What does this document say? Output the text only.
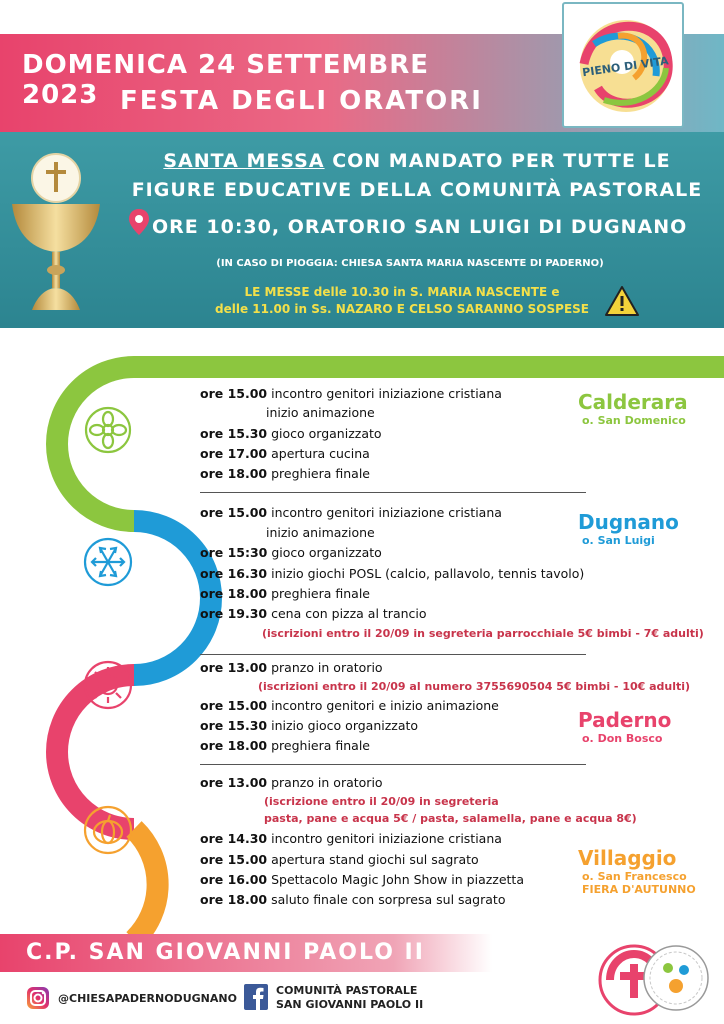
DOMENICA 24 SETTEMBRE 2023 FESTA DEGLI ORATORI
PIENO DI VITA
SANTA MESSA CON MANDATO PER TUTTE LE
FIGURE EDUCATIVE DELLA COMUNITÀ PASTORALE
ORE 10:30, ORATORIO SAN LUIGI DI DUGNANO
(IN CASO DI PIOGGIA: CHIESA SANTA MARIA NASCENTE DI PADERNO)
LE MESSE delle 10.30 in S. MARIA NASCENTE e
delle 11.00 in Ss. NAZARO E CELSO SARANNO SOSPESE
ore 15.00 incontro genitori iniziazione cristiana
inizio animazione
ore 15.30 gioco organizzato
ore 17.00 apertura cucina
ore 18.00 preghiera finale
Calderara
o. San Domenico
ore 15.00 incontro genitori iniziazione cristiana
inizio animazione
ore 15:30 gioco organizzato
ore 16.30 inizio giochi POSL (calcio, pallavolo, tennis tavolo)
ore 18.00 preghiera finale
ore 19.30 cena con pizza al trancio
(iscrizioni entro il 20/09 in segreteria parrocchiale 5€ bimbi - 7€ adulti)
Dugnano
o. San Luigi
ore 13.00 pranzo in oratorio
(iscrizioni entro il 20/09 al numero 3755690504 5€ bimbi - 10€ adulti)
ore 15.00 incontro genitori e inizio animazione
ore 15.30 inizio gioco organizzato
ore 18.00 preghiera finale
Paderno
o. Don Bosco
ore 13.00 pranzo in oratorio
(iscrizione entro il 20/09 in segreteria
pasta, pane e acqua 5€ / pasta, salamella, pane e acqua 8€)
ore 14.30 incontro genitori iniziazione cristiana
ore 15.00 apertura stand giochi sul sagrato
ore 16.00 Spettacolo Magic John Show in piazzetta
ore 18.00 saluto finale con sorpresa sul sagrato
Villaggio
o. San Francesco
FIERA D'AUTUNNO
C.P. SAN GIOVANNI PAOLO II
@CHIESAPADERNODUGNANO
COMUNITÀ PASTORALE
SAN GIOVANNI PAOLO II
